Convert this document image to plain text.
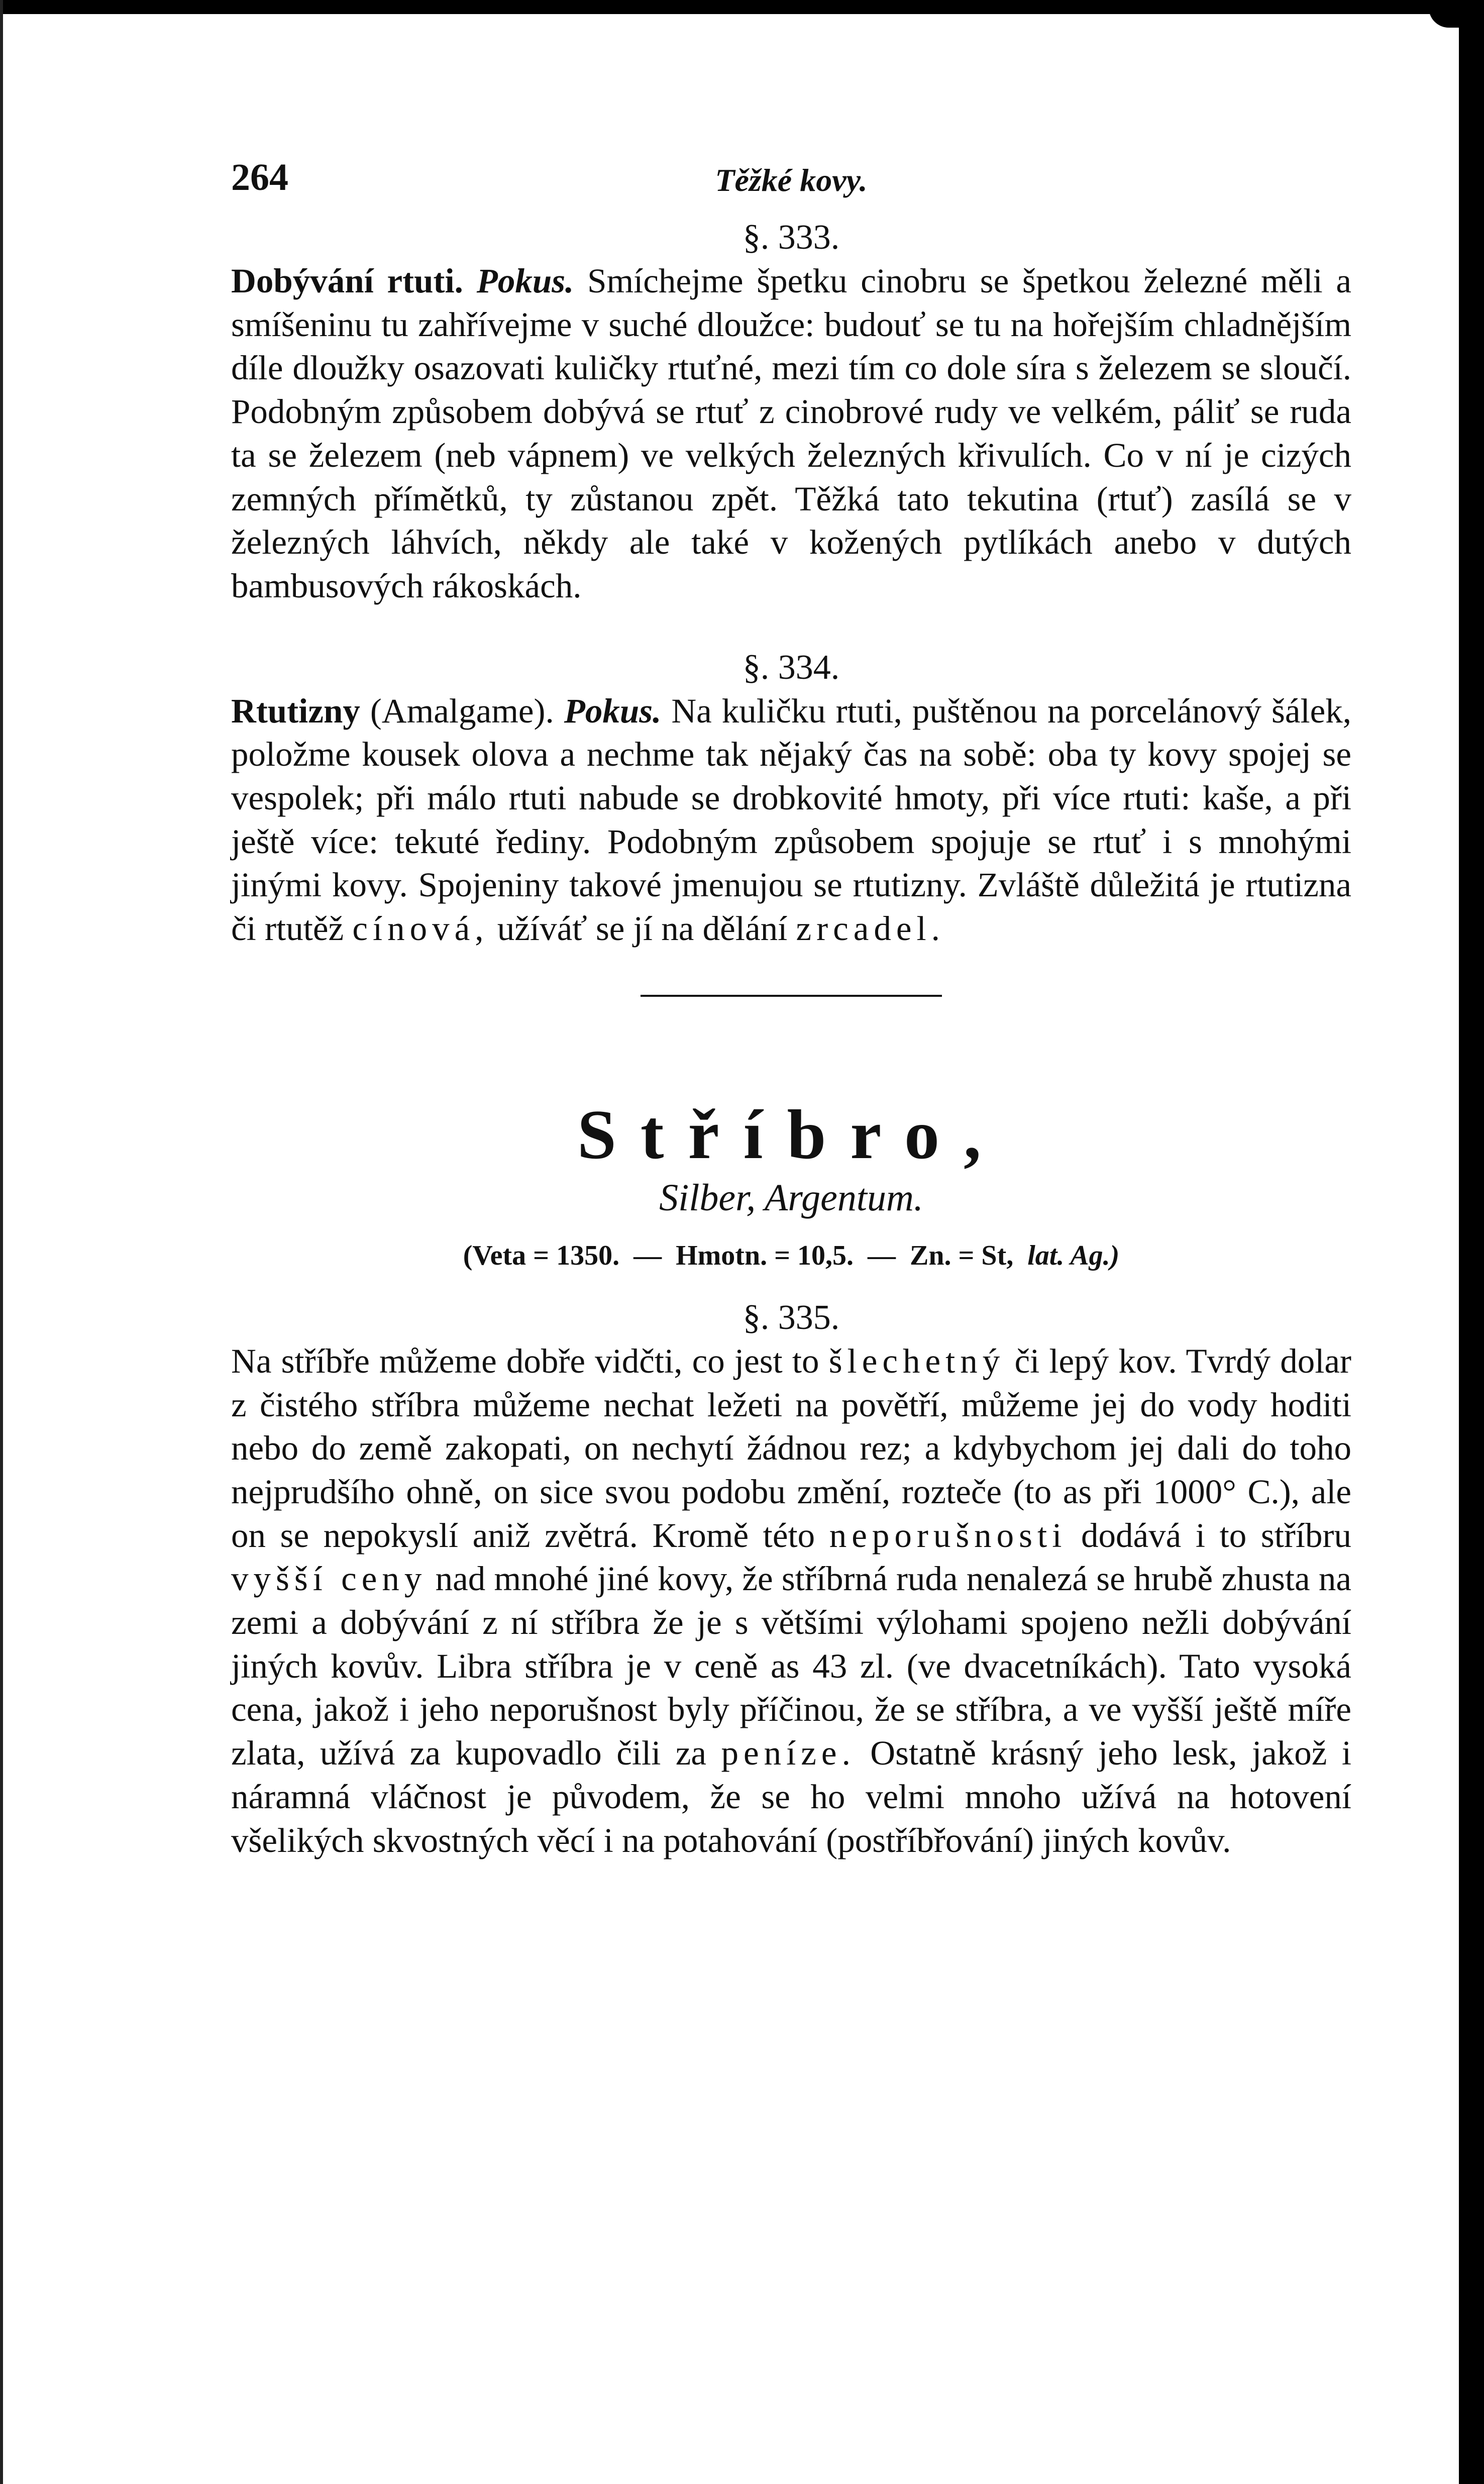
264	Těžké kovy.
§. 333.

Dobývání rtuti. Pokus. Smíchejme špetku cinobru se špetkou železné měli a smíšeninu tu zahřívejme v suché dloužce: budouť se tu na hořejším chladnějším díle dloužky osazovati kuličky rtuťné, mezi tím co dole síra s železem se sloučí. Podobným způsobem dobývá se rtuť z cinobrové rudy ve velkém, páliť se ruda ta se železem (neb vápnem) ve velkých železných křivulích. Co v ní je cizých zemných přímětků, ty zůstanou zpět. Těžká tato tekutina (rtuť) zasílá se v železných láhvích, někdy ale také v kožených pytlíkách anebo v dutých bambusových rákoskách.

§. 334.

Rtutizny (Amalgame). Pokus. Na kuličku rtuti, puštěnou na porcelánový šálek, položme kousek olova a nechme tak nějaký čas na sobě: oba ty kovy spojej se vespolek; při málo rtuti nabude se drobkovité hmoty, při více rtuti: kaše, a při ještě více: tekuté řediny. Podobným způsobem spojuje se rtuť i s mnohými jinými kovy. Spojeniny takové jmenujou se rtutizny. Zvláště důležitá je rtutizna či rtutěž cínová, užíváť se jí na dělání zrcadel.

Stříbro,
Silber, Argentum.
(Veta = 1350. — Hmotn. = 10,5. — Zn. = St, lat. Ag.)
§. 335.

Na stříbře můžeme dobře vidčti, co jest to šlechetný či lepý kov. Tvrdý dolar z čistého stříbra můžeme nechat ležeti na povětří, můžeme jej do vody hoditi nebo do země zakopati, on nechytí žádnou rez; a kdybychom jej dali do toho nejprudšího ohně, on sice svou podobu změní, rozteče (to as při 1000° C.), ale on se nepokyslí aniž zvětrá. Kromě této neporušnosti dodává i to stříbru vyšší ceny nad mnohé jiné kovy, že stříbrná ruda nenalezá se hrubě zhusta na zemi a dobývání z ní stříbra že je s většími výlohami spojeno nežli dobývání jiných kovův. Libra stříbra je v ceně as 43 zl. (ve dvacetníkách). Tato vysoká cena, jakož i jeho neporušnost byly příčinou, že se stříbra, a ve vyšší ještě míře zlata, užívá za kupovadlo čili za peníze. Ostatně krásný jeho lesk, jakož i náramná vláčnost je původem, že se ho velmi mnoho užívá na hotovení všelikých skvostných věcí i na potahování (postříbřování) jiných kovův.
